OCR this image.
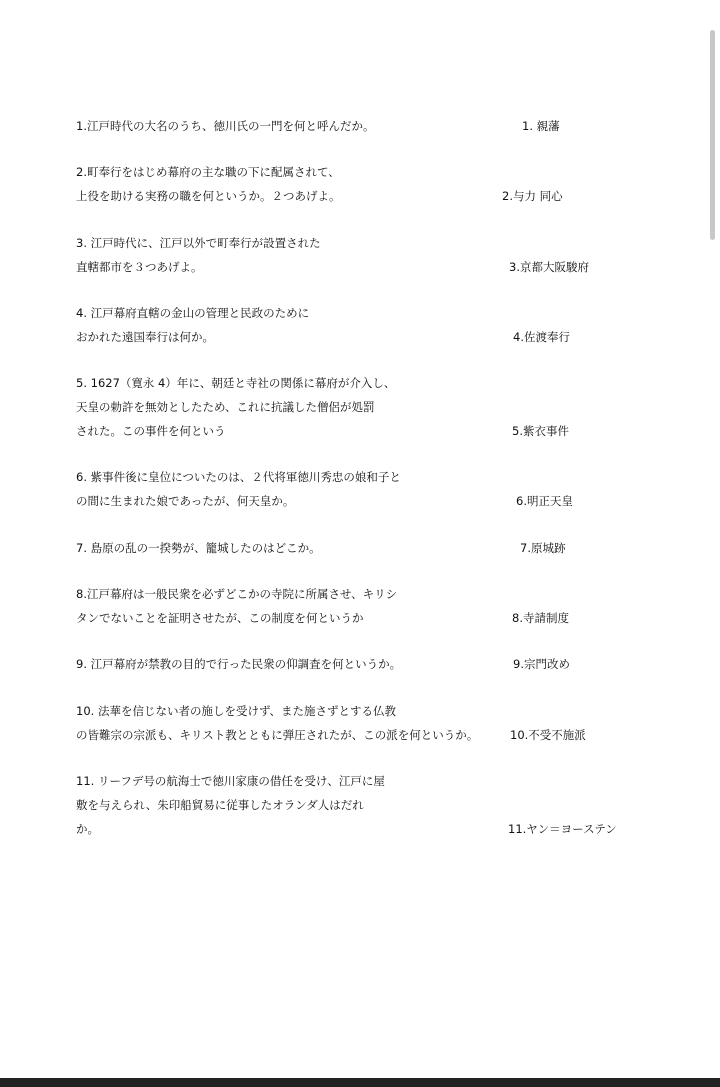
1.江戸時代の大名のうち、徳川氏の一門を何と呼んだか。	1. 親藩
2.町奉行をはじめ幕府の主な職の下に配属されて、
上役を助ける実務の職を何というか。２つあげよ。	2.与力 同心
3. 江戸時代に、江戸以外で町奉行が設置された
直轄都市を３つあげよ。	3.京都大阪駿府
4. 江戸幕府直轄の金山の管理と民政のために
おかれた遠国奉行は何か。	4.佐渡奉行
5. 1627（寛永 4）年に、朝廷と寺社の関係に幕府が介入し、
天皇の勅許を無効としたため、これに抗議した僧侶が処罰
された。この事件を何という	5.紫衣事件
6. 紫事件後に皇位についたのは、２代将軍徳川秀忠の娘和子と
の間に生まれた娘であったが、何天皇か。	6.明正天皇
7. 島原の乱の一揆勢が、籠城したのはどこか。	7.原城跡
8.江戸幕府は一般民衆を必ずどこかの寺院に所属させ、キリシ
タンでないことを証明させたが、この制度を何というか	8.寺請制度
9. 江戸幕府が禁教の目的で行った民衆の仰調査を何というか。	9.宗門改め
10. 法華を信じない者の施しを受けず、また施さずとする仏教
の皆難宗の宗派も、キリスト教とともに弾圧されたが、この派を何というか。	10.不受不施派
11. リーフデ号の航海士で徳川家康の借任を受け、江戸に屋
敷を与えられ、朱印船貿易に従事したオランダ人はだれ
か。	11.ヤン＝ヨーステン
